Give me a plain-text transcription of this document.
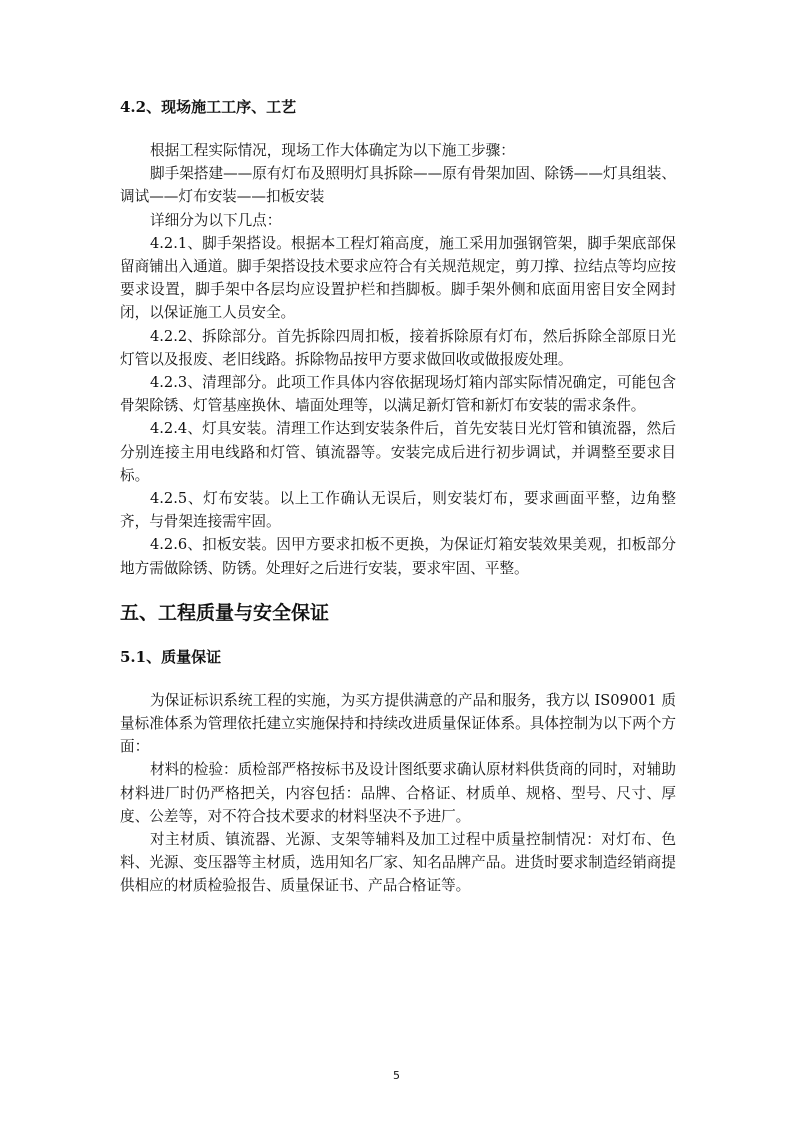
4.2、现场施工工序、工艺

根据工程实际情况，现场工作大体确定为以下施工步骤：

脚手架搭建——原有灯布及照明灯具拆除——原有骨架加固、除锈——灯具组装、调试——灯布安装——扣板安装

详细分为以下几点：

4.2.1、脚手架搭设。根据本工程灯箱高度，施工采用加强钢管架，脚手架底部保留商铺出入通道。脚手架搭设技术要求应符合有关规范规定，剪刀撑、拉结点等均应按要求设置，脚手架中各层均应设置护栏和挡脚板。脚手架外侧和底面用密目安全网封闭，以保证施工人员安全。

4.2.2、拆除部分。首先拆除四周扣板，接着拆除原有灯布，然后拆除全部原日光灯管以及报废、老旧线路。拆除物品按甲方要求做回收或做报废处理。

4.2.3、清理部分。此项工作具体内容依据现场灯箱内部实际情况确定，可能包含骨架除锈、灯管基座换休、墙面处理等，以满足新灯管和新灯布安装的需求条件。

4.2.4、灯具安装。清理工作达到安装条件后，首先安装日光灯管和镇流器，然后分别连接主用电线路和灯管、镇流器等。安装完成后进行初步调试，并调整至要求目标。

4.2.5、灯布安装。以上工作确认无误后，则安装灯布，要求画面平整，边角整齐，与骨架连接需牢固。

4.2.6、扣板安装。因甲方要求扣板不更换，为保证灯箱安装效果美观，扣板部分地方需做除锈、防锈。处理好之后进行安装，要求牢固、平整。

五、工程质量与安全保证
5.1、质量保证

为保证标识系统工程的实施，为买方提供满意的产品和服务，我方以 IS09001 质量标准体系为管理依托建立实施保持和持续改进质量保证体系。具体控制为以下两个方面：

材料的检验：质检部严格按标书及设计图纸要求确认原材料供货商的同时，对辅助材料进厂时仍严格把关，内容包括：品牌、合格证、材质单、规格、型号、尺寸、厚度、公差等，对不符合技术要求的材料坚决不予进厂。

对主材质、镇流器、光源、支架等辅料及加工过程中质量控制情况：对灯布、色料、光源、变压器等主材质，选用知名厂家、知名品牌产品。进货时要求制造经销商提供相应的材质检验报告、质量保证书、产品合格证等。

5
